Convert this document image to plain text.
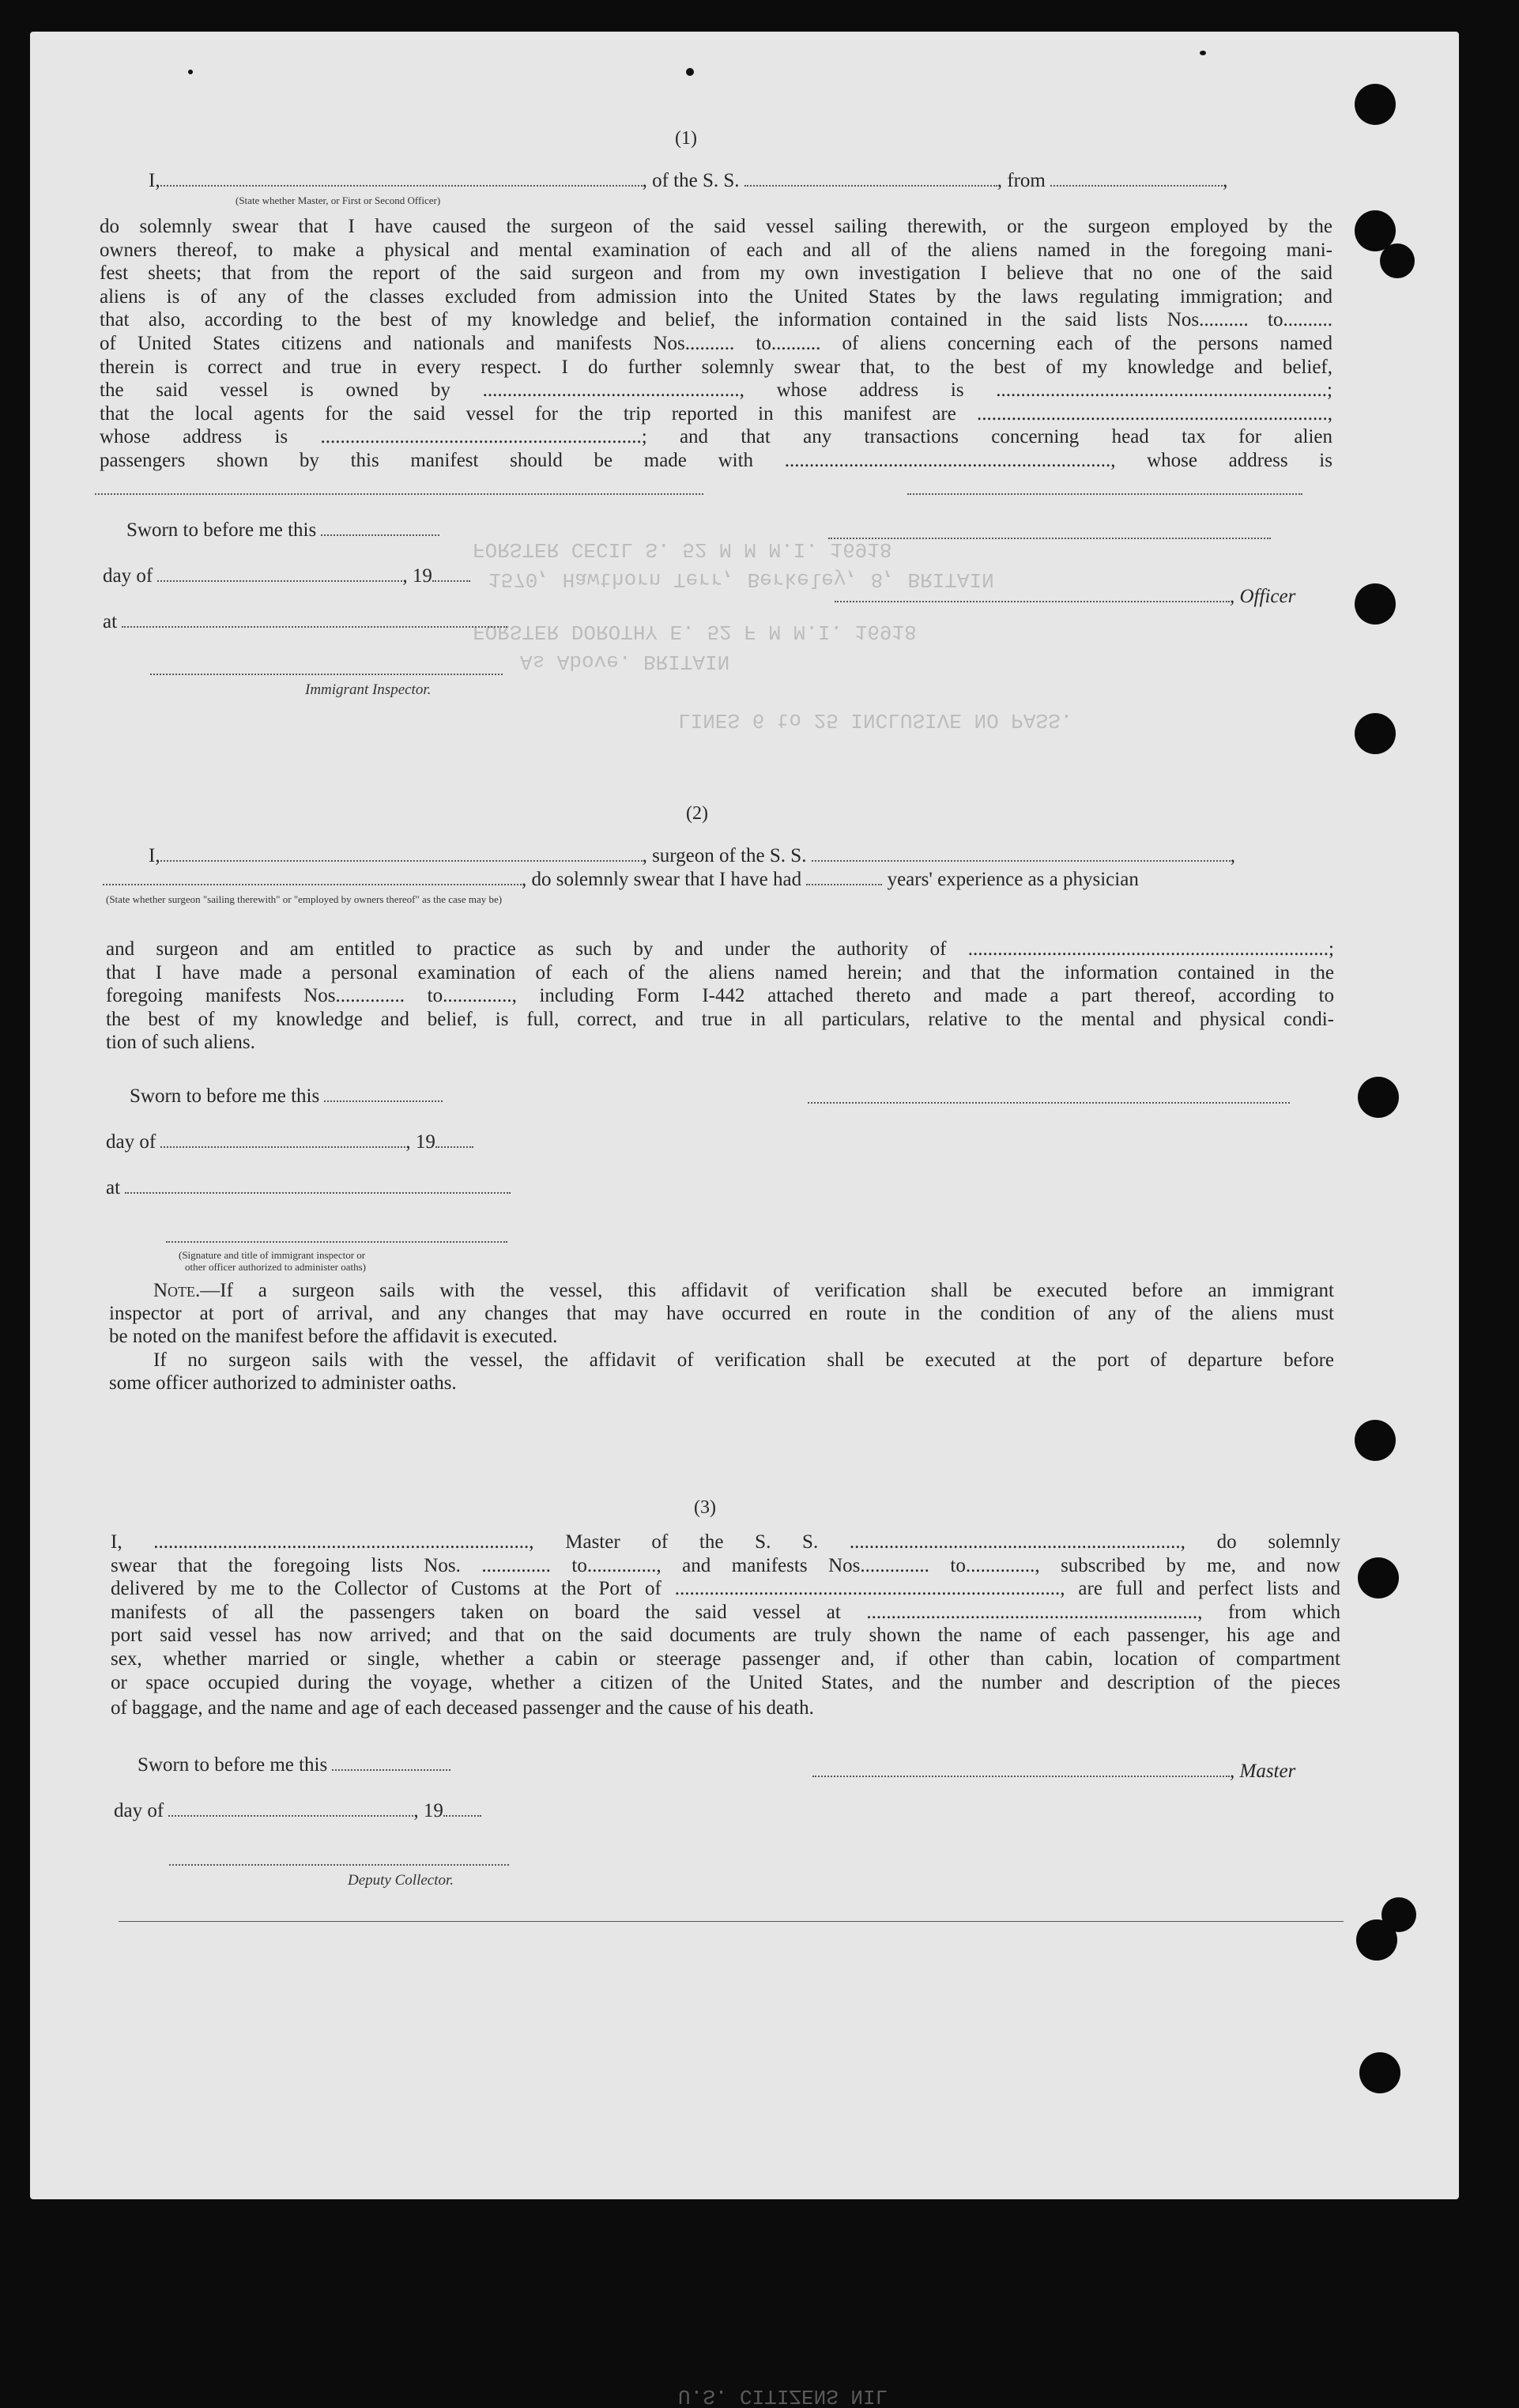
FORSTER CECIL S. 52 M M M.I. 16918
1570, Hawthorn Terr, Berkeley, 8, BRITAIN
FORSTER DOROTHY E. 52 F M M.I. 16918
As Above. BRITAIN
LINES 6 to 25 INCLUSIVE NO PASS.
U.S. CITIZENS NIL
(1)
I,	, of the S. S.	, from	,
(State whether Master, or First or Second Officer)
do solemnly swear that I have caused the surgeon of the said vessel sailing therewith, or the surgeon employed by the
owners thereof, to make a physical and mental examination of each and all of the aliens named in the foregoing mani-
fest sheets; that from the report of the said surgeon and from my own investigation I believe that no one of the said
aliens is of any of the classes excluded from admission into the United States by the laws regulating immigration; and
that also, according to the best of my knowledge and belief, the information contained in the said lists Nos.......... to..........
of United States citizens and nationals and manifests Nos.......... to.......... of aliens concerning each of the persons named
therein is correct and true in every respect. I do further solemnly swear that, to the best of my knowledge and belief,
the said vessel is owned by ...................................................., whose address is ...................................................................;
that the local agents for the said vessel for the trip reported in this manifest are .......................................................................,
whose address is .................................................................; and that any transactions concerning head tax for alien
passengers shown by this manifest should be made with .................................................................., whose address is
Sworn to before me this
day of	, 19
, Officer
at
Immigrant Inspector.
(2)
I,	, surgeon of the S. S.	,
, do solemnly swear that I have had	years' experience as a physician
(State whether surgeon "sailing therewith" or "employed by owners thereof" as the case may be)
and surgeon and am entitled to practice as such by and under the authority of .........................................................................;
that I have made a personal examination of each of the aliens named herein; and that the information contained in the
foregoing manifests Nos.............. to.............., including Form I-442 attached thereto and made a part thereof, according to
the best of my knowledge and belief, is full, correct, and true in all particulars, relative to the mental and physical condi-
tion of such aliens.
Sworn to before me this
day of	, 19
at
(Signature and title of immigrant inspector or
other officer authorized to administer oaths)
Note.—If a surgeon sails with the vessel, this affidavit of verification shall be executed before an immigrant
inspector at port of arrival, and any changes that may have occurred en route in the condition of any of the aliens must
be noted on the manifest before the affidavit is executed.
If no surgeon sails with the vessel, the affidavit of verification shall be executed at the port of departure before
some officer authorized to administer oaths.
(3)
I, ............................................................................, Master of the S. S. ..................................................................., do solemnly
swear that the foregoing lists Nos. .............. to.............., and manifests Nos.............. to.............., subscribed by me, and now
delivered by me to the Collector of Customs at the Port of .............................................................................., are full and perfect lists and
manifests of all the passengers taken on board the said vessel at ..................................................................., from which
port said vessel has now arrived; and that on the said documents are truly shown the name of each passenger, his age and
sex, whether married or single, whether a cabin or steerage passenger and, if other than cabin, location of compartment
or space occupied during the voyage, whether a citizen of the United States, and the number and description of the pieces
of baggage, and the name and age of each deceased passenger and the cause of his death.
Sworn to before me this	, Master
day of	, 19
Deputy Collector.
